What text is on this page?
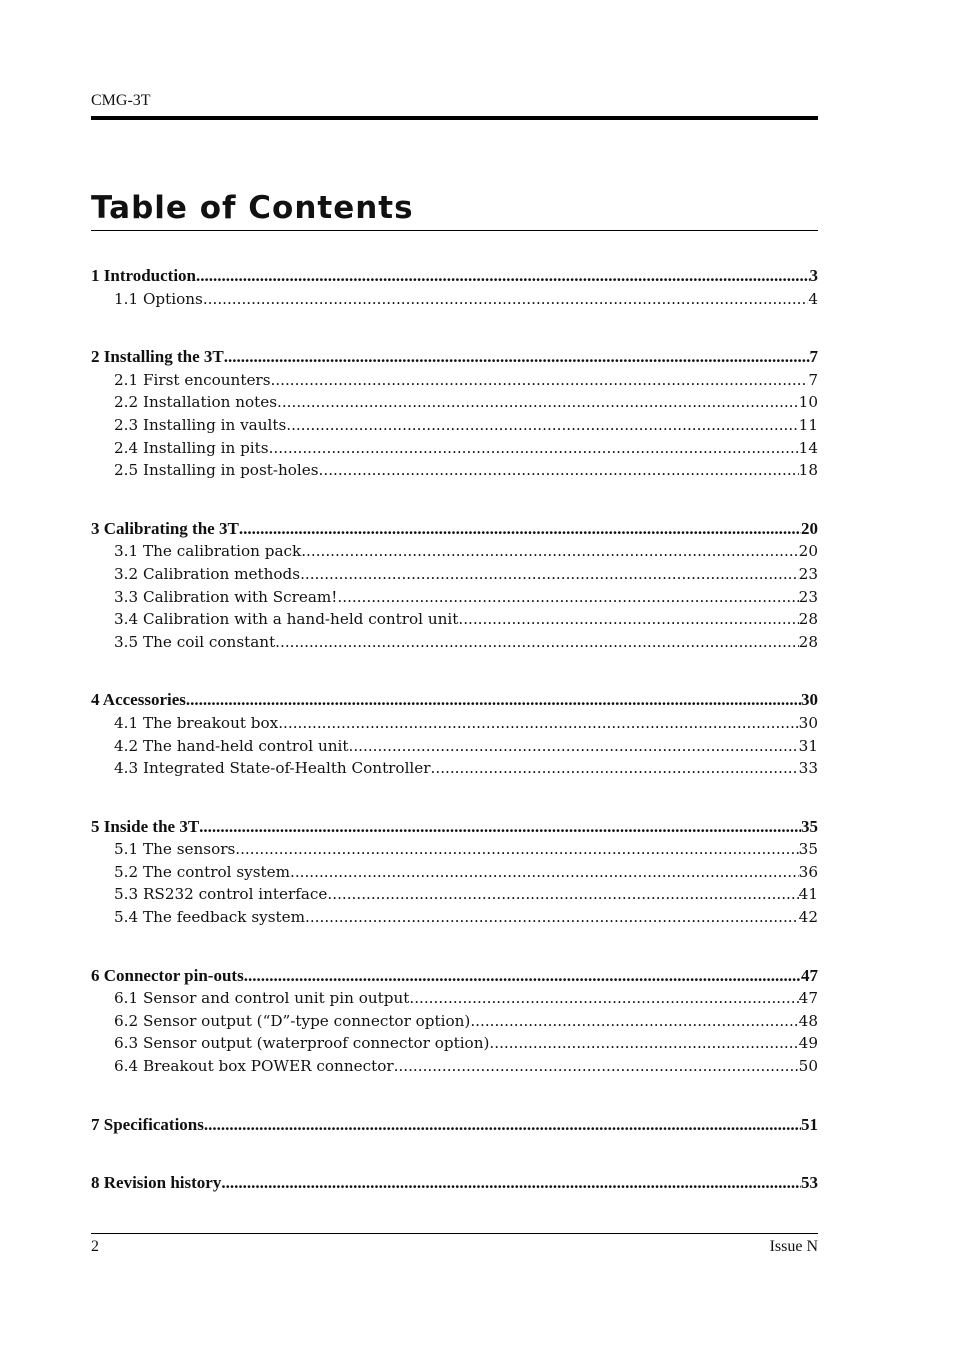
CMG-3T
Table of Contents
1 Introduction .....	3
1.1 Options .....	4
2 Installing the 3T .....	7
2.1 First encounters .....	7
2.2 Installation notes .....	10
2.3 Installing in vaults .....	11
2.4 Installing in pits .....	14
2.5 Installing in post-holes .....	18
3 Calibrating the 3T .....	20
3.1 The calibration pack .....	20
3.2 Calibration methods .....	23
3.3 Calibration with Scream! .....	23
3.4 Calibration with a hand-held control unit .....	28
3.5 The coil constant .....	28
4 Accessories .....	30
4.1 The breakout box .....	30
4.2 The hand-held control unit .....	31
4.3 Integrated State-of-Health Controller .....	33
5 Inside the 3T .....	35
5.1 The sensors .....	35
5.2 The control system .....	36
5.3 RS232 control interface .....	41
5.4 The feedback system .....	42
6 Connector pin-outs .....	47
6.1 Sensor and control unit pin output .....	47
6.2 Sensor output (“D”-type connector option) .....	48
6.3 Sensor output (waterproof connector option) .....	49
6.4 Breakout box POWER connector .....	50
7 Specifications .....	51
8 Revision history .....	53
2	Issue N
